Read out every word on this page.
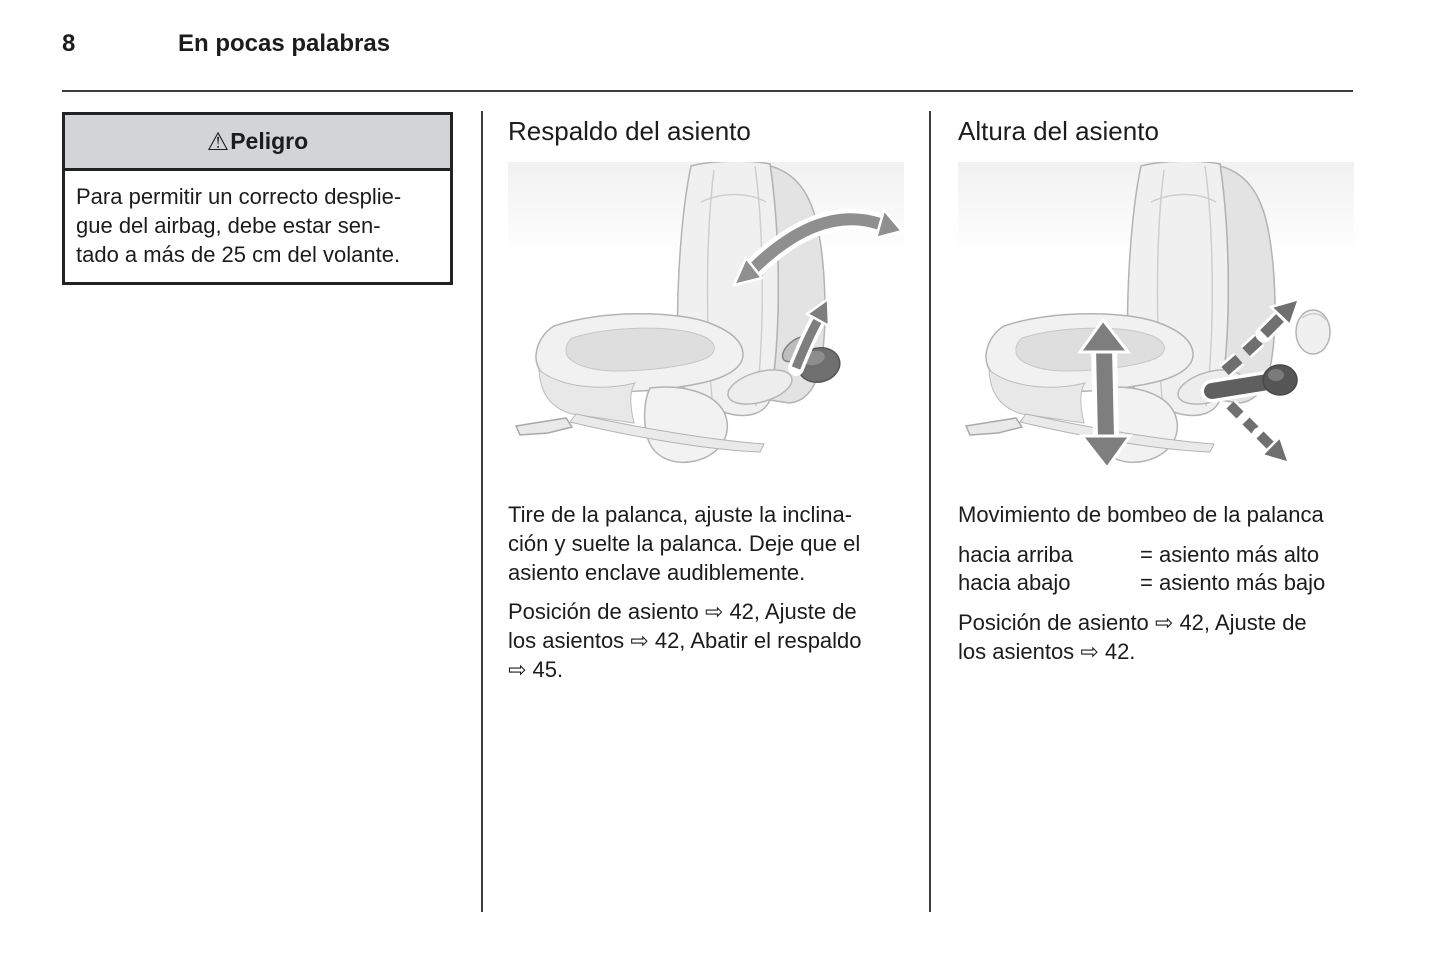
8	En pocas palabras
⚠ Peligro
Para permitir un correcto desplie-
gue del airbag, debe estar sen-
tado a más de 25 cm del volante.
Respaldo del asiento
Tire de la palanca, ajuste la inclina-
ción y suelte la palanca. Deje que el
asiento enclave audiblemente.
Posición de asiento ⇨ 42, Ajuste de
los asientos ⇨ 42, Abatir el respaldo
⇨ 45.
Altura del asiento
Movimiento de bombeo de la palanca
hacia arriba	= asiento más alto
hacia abajo	= asiento más bajo
Posición de asiento ⇨ 42, Ajuste de
los asientos ⇨ 42.
